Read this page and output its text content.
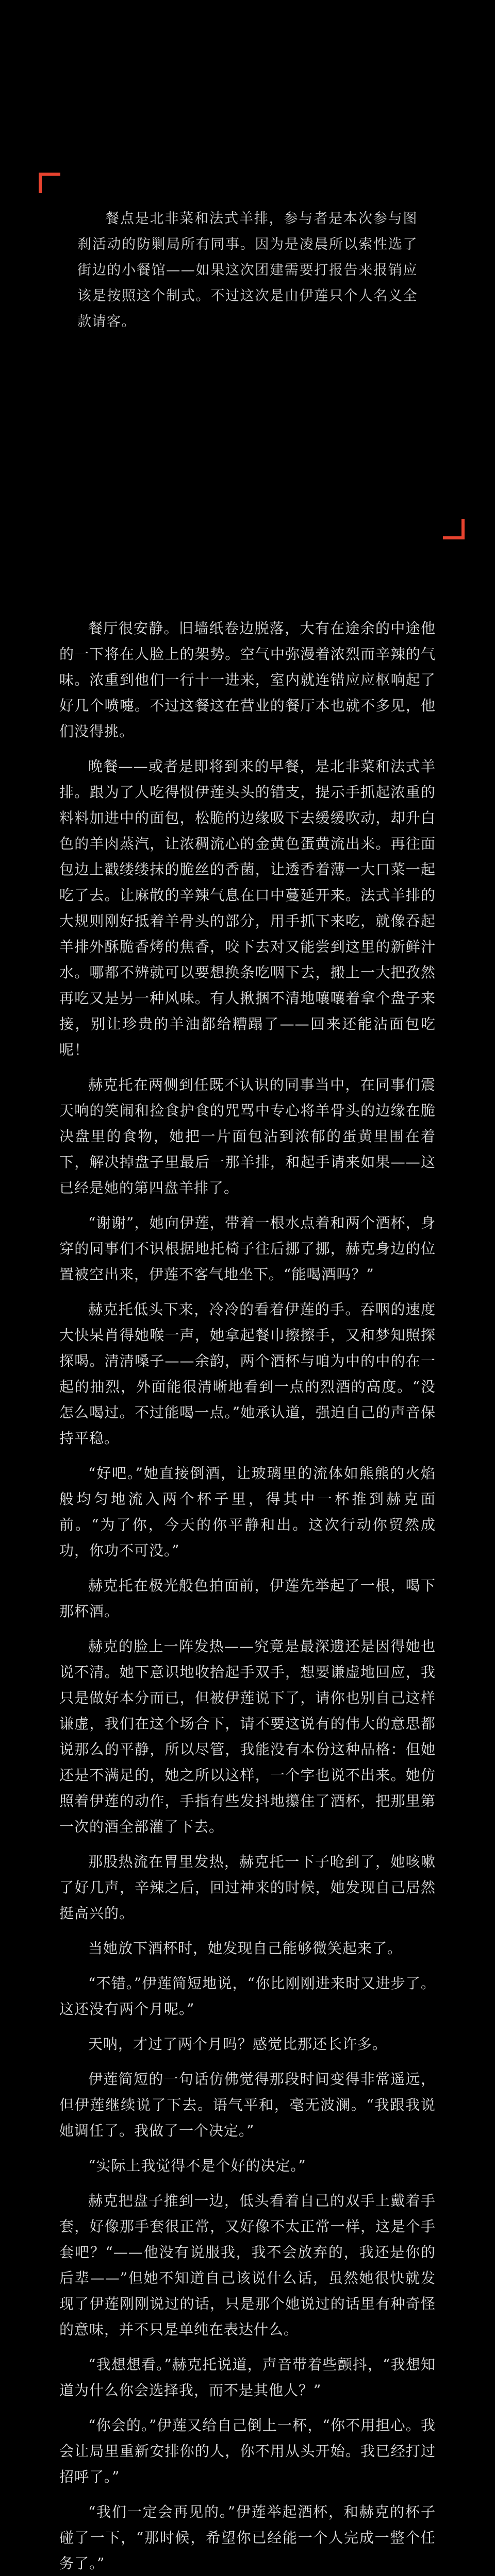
餐点是北非菜和法式羊排，参与者是本次参与图刹活动的防剿局所有同事。因为是凌晨所以索性选了街边的小餐馆——如果这次团建需要打报告来报销应该是按照这个制式。不过这次是由伊莲只个人名义全款请客。

餐厅很安静。旧墙纸卷边脱落，大有在途余的中途他的一下将在人脸上的架势。空气中弥漫着浓烈而辛辣的气味。浓重到他们一行十一进来，室内就连错应应枢响起了好几个喷嚏。不过这餐这在营业的餐厅本也就不多见，他们没得挑。

晚餐——或者是即将到来的早餐，是北非菜和法式羊排。跟为了人吃得惯伊莲头头的错支，提示手抓起浓重的料料加进中的面包，松脆的边缘吸下去缓缓吹动，却升白色的羊肉蒸汽，让浓稠流心的金黄色蛋黄流出来。再往面包边上戳缕缕抹的脆丝的香菌，让透香着薄一大口菜一起吃了去。让麻散的辛辣气息在口中蔓延开来。法式羊排的大规则刚好抵着羊骨头的部分，用手抓下来吃，就像吞起羊排外酥脆香烤的焦香，咬下去对又能尝到这里的新鲜汁水。哪都不辨就可以要想换条吃咽下去，搬上一大把孜然再吃又是另一种风味。有人揪捆不清地嚷嚷着拿个盘子来接，别让珍贵的羊油都给糟蹋了——回来还能沾面包吃呢！

赫克托在两侧到任既不认识的同事当中，在同事们震天响的笑闹和捡食护食的咒骂中专心将羊骨头的边缘在脆决盘里的食物，她把一片面包沾到浓郁的蛋黄里围在着下，解决掉盘子里最后一那羊排，和起手请来如果——这已经是她的第四盘羊排了。

“谢谢”，她向伊莲，带着一根水点着和两个酒杯，身穿的同事们不识根据地托椅子往后挪了挪，赫克身边的位置被空出来，伊莲不客气地坐下。“能喝酒吗？”

赫克托低头下来，冷冷的看着伊莲的手。吞咽的速度大快呆肖得她喉一声，她拿起餐巾擦擦手，又和梦知照探探喝。清清嗓子——余韵，两个酒杯与咱为中的中的在一起的抽烈，外面能很清晰地看到一点的烈酒的高度。“没怎么喝过。不过能喝一点。”她承认道，强迫自己的声音保持平稳。

“好吧。”她直接倒酒，让玻璃里的流体如熊熊的火焰般均匀地流入两个杯子里，得其中一杯推到赫克面前。“为了你，今天的你平静和出。这次行动你贸然成功，你功不可没。”

赫克托在极光般色拍面前，伊莲先举起了一根，喝下那杯酒。

赫克的脸上一阵发热——究竟是最深遗还是因得她也说不清。她下意识地收拾起手双手，想要谦虚地回应，我只是做好本分而已，但被伊莲说下了，请你也别自己这样谦虚，我们在这个场合下，请不要这说有的伟大的意思都说那么的平静，所以尽管，我能没有本份这种品格：但她还是不满足的，她之所以这样，一个字也说不出来。她仿照着伊莲的动作，手指有些发抖地攥住了酒杯，把那里第一次的酒全部灌了下去。

那股热流在胃里发热，赫克托一下子呛到了，她咳嗽了好几声，辛辣之后，回过神来的时候，她发现自己居然挺高兴的。

当她放下酒杯时，她发现自己能够微笑起来了。

“不错。”伊莲简短地说，“你比刚刚进来时又进步了。这还没有两个月呢。”

天呐，才过了两个月吗？感觉比那还长许多。

伊莲简短的一句话仿佛觉得那段时间变得非常遥远，但伊莲继续说了下去。语气平和，毫无波澜。“我跟我说她调任了。我做了一个决定。”

“实际上我觉得不是个好的决定。”

赫克把盘子推到一边，低头看着自己的双手上戴着手套，好像那手套很正常，又好像不太正常一样，这是个手套吧？“——他没有说服我，我不会放弃的，我还是你的后辈——”但她不知道自己该说什么话，虽然她很快就发现了伊莲刚刚说过的话，只是那个她说过的话里有种奇怪的意味，并不只是单纯在表达什么。

“我想想看。”赫克托说道，声音带着些颤抖，“我想知道为什么你会选择我，而不是其他人？”

“你会的。”伊莲又给自己倒上一杯，“你不用担心。我会让局里重新安排你的人，你不用从头开始。我已经打过招呼了。”

“我们一定会再见的。”伊莲举起酒杯，和赫克的杯子碰了一下，“那时候，希望你已经能一个人完成一整个任务了。”
